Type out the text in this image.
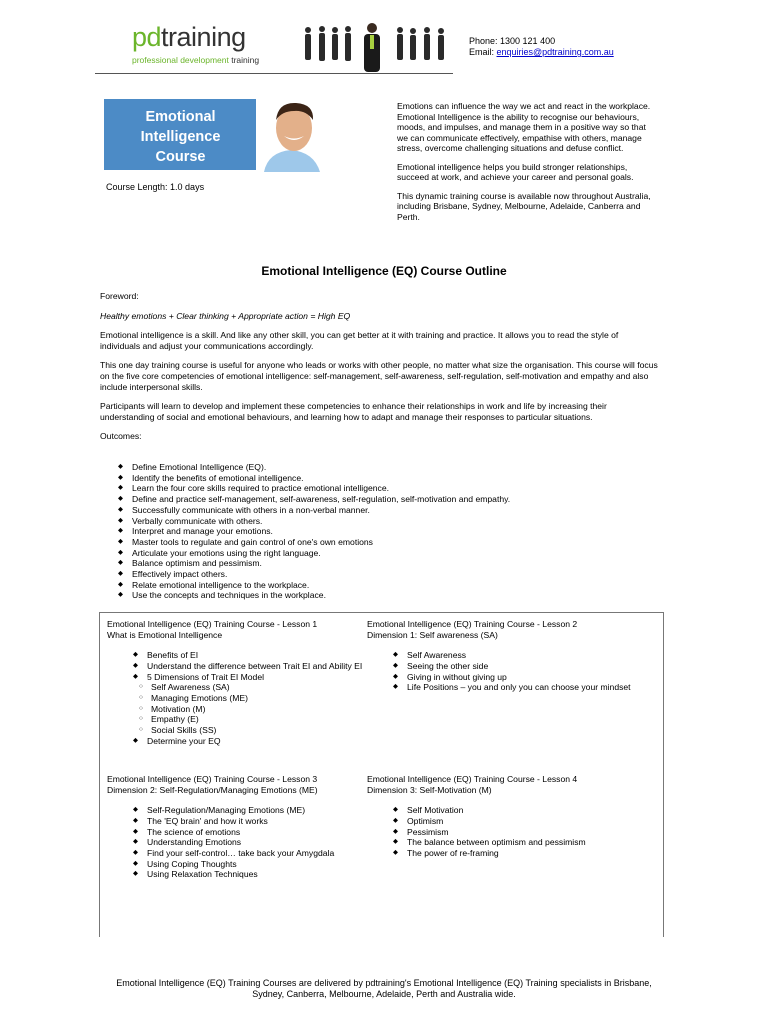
pdtraining
professional development training
Phone: 1300 121 400
Email: enquiries@pdtraining.com.au
Emotional
Intelligence
Course
Course Length: 1.0 days

Emotions can influence the way we act and react in the workplace. Emotional Intelligence is the ability to recognise our behaviours, moods, and impulses, and manage them in a positive way so that we can communicate effectively, empathise with others, manage stress, overcome challenging situations and defuse conflict.

Emotional intelligence helps you build stronger relationships, succeed at work, and achieve your career and personal goals.

This dynamic training course is available now throughout Australia, including Brisbane, Sydney, Melbourne, Adelaide, Canberra and Perth.

Emotional Intelligence (EQ) Course Outline

Foreword:

Healthy emotions + Clear thinking + Appropriate action = High EQ

Emotional intelligence is a skill. And like any other skill, you can get better at it with training and practice. It allows you to read the style of individuals and adjust your communications accordingly.

This one day training course is useful for anyone who leads or works with other people, no matter what size the organisation. This course will focus on the five core competencies of emotional intelligence: self-management, self-awareness, self-regulation, self-motivation and empathy and also include interpersonal skills.

Participants will learn to develop and implement these competencies to enhance their relationships in work and life by increasing their understanding of social and emotional behaviours, and learning how to adapt and manage their responses to particular situations.

Outcomes:

◆ Define Emotional Intelligence (EQ).
◆ Identify the benefits of emotional intelligence.
◆ Learn the four core skills required to practice emotional intelligence.
◆ Define and practice self-management, self-awareness, self-regulation, self-motivation and empathy.
◆ Successfully communicate with others in a non-verbal manner.
◆ Verbally communicate with others.
◆ Interpret and manage your emotions.
◆ Master tools to regulate and gain control of one's own emotions
◆ Articulate your emotions using the right language.
◆ Balance optimism and pessimism.
◆ Effectively impact others.
◆ Relate emotional intelligence to the workplace.
◆ Use the concepts and techniques in the workplace.
Emotional Intelligence (EQ) Training Course - Lesson 1
What is Emotional Intelligence
◆ Benefits of EI
◆ Understand the difference between Trait EI and Ability EI
◆ 5 Dimensions of Trait EI Model
○ Self Awareness (SA)
○ Managing Emotions (ME)
○ Motivation (M)
○ Empathy (E)
○ Social Skills (SS)
◆ Determine your EQ
Emotional Intelligence (EQ) Training Course - Lesson 2
Dimension 1: Self awareness (SA)
◆ Self Awareness
◆ Seeing the other side
◆ Giving in without giving up
◆ Life Positions – you and only you can choose your mindset
Emotional Intelligence (EQ) Training Course - Lesson 3
Dimension 2: Self-Regulation/Managing Emotions (ME)
◆ Self-Regulation/Managing Emotions (ME)
◆ The 'EQ brain' and how it works
◆ The science of emotions
◆ Understanding Emotions
◆ Find your self-control… take back your Amygdala
◆ Using Coping Thoughts
◆ Using Relaxation Techniques
Emotional Intelligence (EQ) Training Course - Lesson 4
Dimension 3: Self-Motivation (M)
◆ Self Motivation
◆ Optimism
◆ Pessimism
◆ The balance between optimism and pessimism
◆ The power of re-framing
Emotional Intelligence (EQ) Training Courses are delivered by pdtraining's Emotional Intelligence (EQ) Training specialists in Brisbane, Sydney, Canberra, Melbourne, Adelaide, Perth and Australia wide.
